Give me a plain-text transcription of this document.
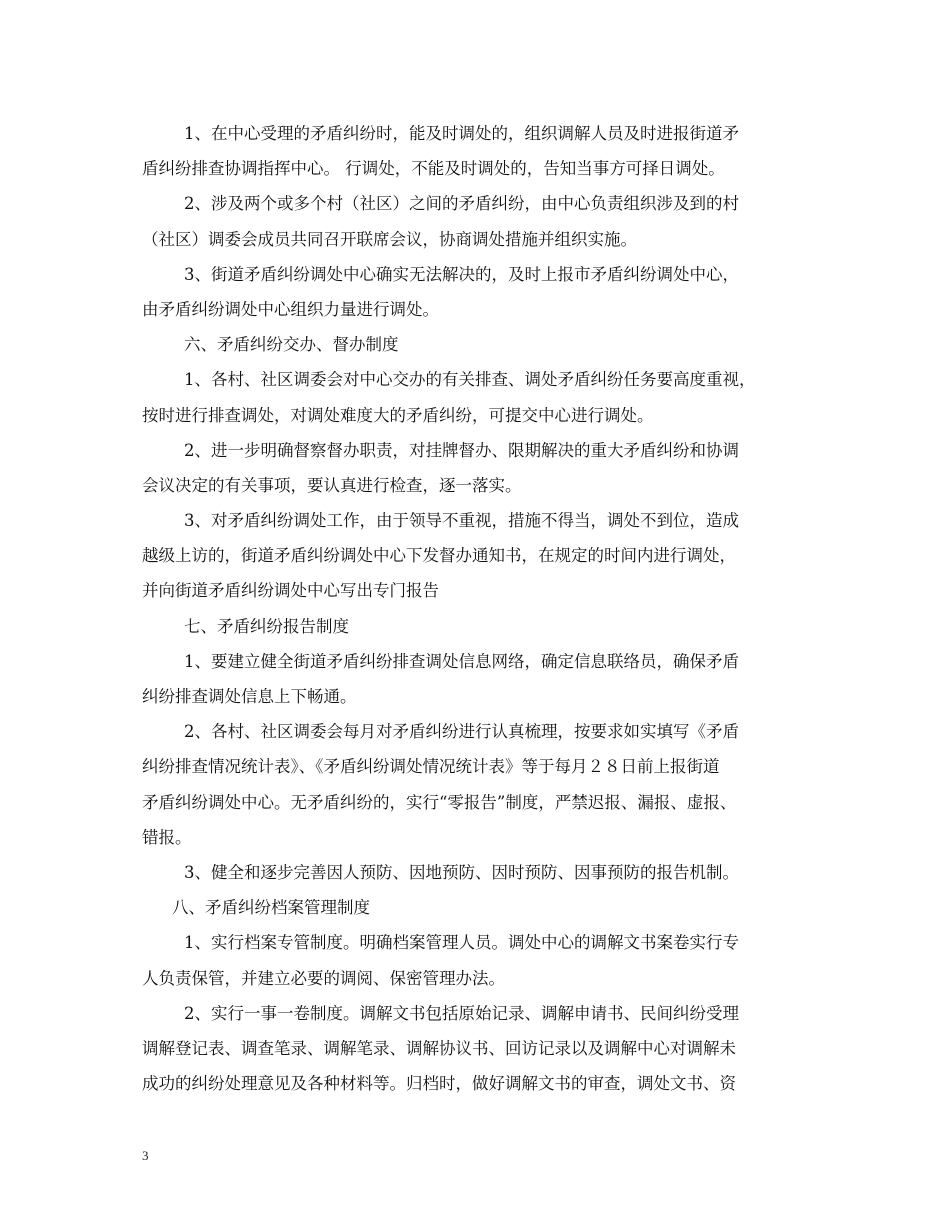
1、在中心受理的矛盾纠纷时，能及时调处的，组织调解人员及时进报街道矛
盾纠纷排查协调指挥中心。 行调处，不能及时调处的，告知当事方可择日调处。
2、涉及两个或多个村（社区）之间的矛盾纠纷，由中心负责组织涉及到的村
（社区）调委会成员共同召开联席会议，协商调处措施并组织实施。
3、街道矛盾纠纷调处中心确实无法解决的，及时上报市矛盾纠纷调处中心，
由矛盾纠纷调处中心组织力量进行调处。
六、矛盾纠纷交办、督办制度
1、各村、社区调委会对中心交办的有关排查、调处矛盾纠纷任务要高度重视，
按时进行排查调处，对调处难度大的矛盾纠纷，可提交中心进行调处。
2、进一步明确督察督办职责，对挂牌督办、限期解决的重大矛盾纠纷和协调
会议决定的有关事项，要认真进行检查，逐一落实。
3、对矛盾纠纷调处工作，由于领导不重视，措施不得当，调处不到位，造成
越级上访的，街道矛盾纠纷调处中心下发督办通知书，在规定的时间内进行调处，
并向街道矛盾纠纷调处中心写出专门报告
七、矛盾纠纷报告制度
1、要建立健全街道矛盾纠纷排查调处信息网络，确定信息联络员，确保矛盾
纠纷排查调处信息上下畅通。
2、各村、社区调委会每月对矛盾纠纷进行认真梳理，按要求如实填写《矛盾
纠纷排查情况统计表》、《矛盾纠纷调处情况统计表》等于每月２８日前上报街道
矛盾纠纷调处中心。无矛盾纠纷的，实行“零报告”制度，严禁迟报、漏报、虚报、
错报。
3、健全和逐步完善因人预防、因地预防、因时预防、因事预防的报告机制。
八、矛盾纠纷档案管理制度
1、实行档案专管制度。明确档案管理人员。调处中心的调解文书案卷实行专
人负责保管，并建立必要的调阅、保密管理办法。
2、实行一事一卷制度。调解文书包括原始记录、调解申请书、民间纠纷受理
调解登记表、调查笔录、调解笔录、调解协议书、回访记录以及调解中心对调解未
成功的纠纷处理意见及各种材料等。归档时，做好调解文书的审查，调处文书、资
3
